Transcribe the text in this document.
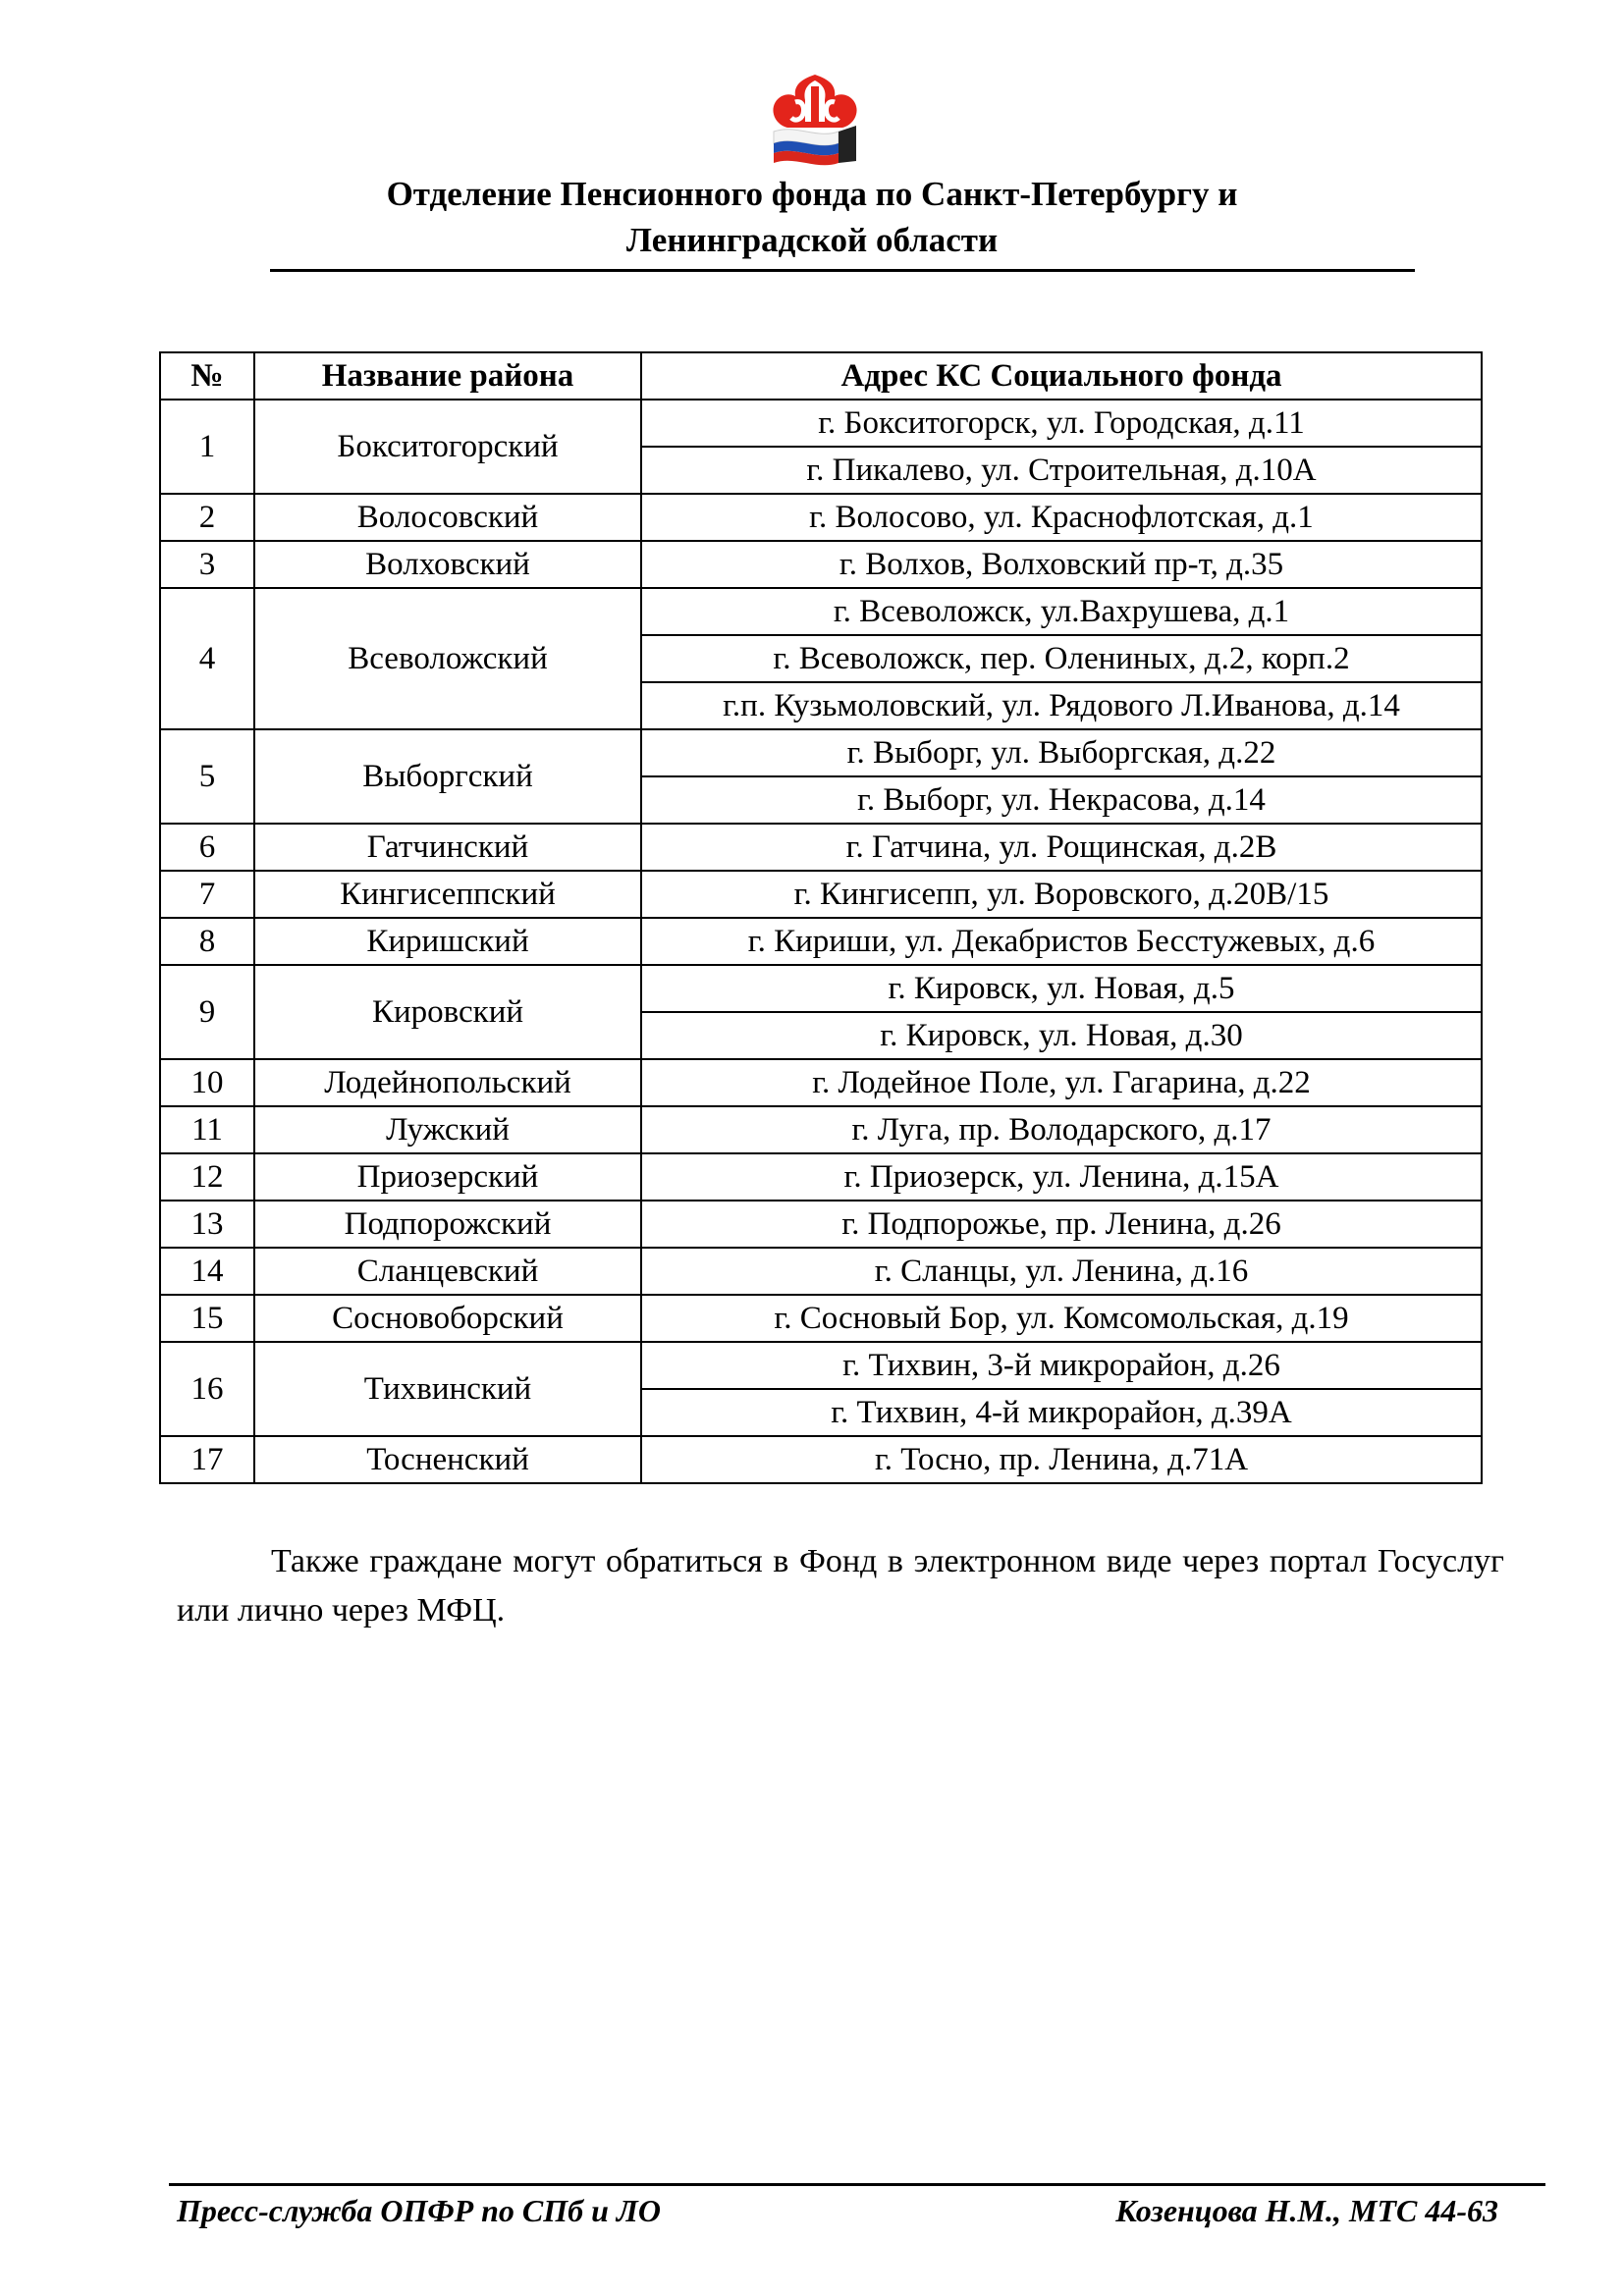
Отделение Пенсионного фонда по Санкт-Петербургу и Ленинградской области
№	Название района	Адрес КС Социального фонда
1	Бокситогорский	г. Бокситогорск, ул. Городская, д.11
		г. Пикалево, ул. Строительная, д.10А
2	Волосовский	г. Волосово, ул. Краснофлотская, д.1
3	Волховский	г. Волхов, Волховский пр-т, д.35
4	Всеволожский	г. Всеволожск, ул.Вахрушева, д.1
		г. Всеволожск, пер. Олениных, д.2, корп.2
		г.п. Кузьмоловский, ул. Рядового Л.Иванова, д.14
5	Выборгский	г. Выборг, ул. Выборгская, д.22
		г. Выборг, ул. Некрасова, д.14
6	Гатчинский	г. Гатчина, ул. Рощинская, д.2В
7	Кингисеппский	г. Кингисепп, ул. Воровского, д.20В/15
8	Киришский	г. Кириши, ул. Декабристов Бесстужевых, д.6
9	Кировский	г. Кировск, ул. Новая, д.5
		г. Кировск, ул. Новая, д.30
10	Лодейнопольский	г. Лодейное Поле, ул. Гагарина, д.22
11	Лужский	г. Луга, пр. Володарского, д.17
12	Приозерский	г. Приозерск, ул. Ленина, д.15А
13	Подпорожский	г. Подпорожье, пр. Ленина, д.26
14	Сланцевский	г. Сланцы, ул. Ленина, д.16
15	Сосновоборский	г. Сосновый Бор, ул. Комсомольская, д.19
16	Тихвинский	г. Тихвин, 3-й микрорайон, д.26
		г. Тихвин, 4-й микрорайон, д.39А
17	Тосненский	г. Тосно, пр. Ленина, д.71А
Также граждане могут обратиться в Фонд в электронном виде через портал Госуслуг или лично через МФЦ.
Пресс-служба ОПФР по СПб и ЛО	Козенцова Н.М., МТС 44-63
